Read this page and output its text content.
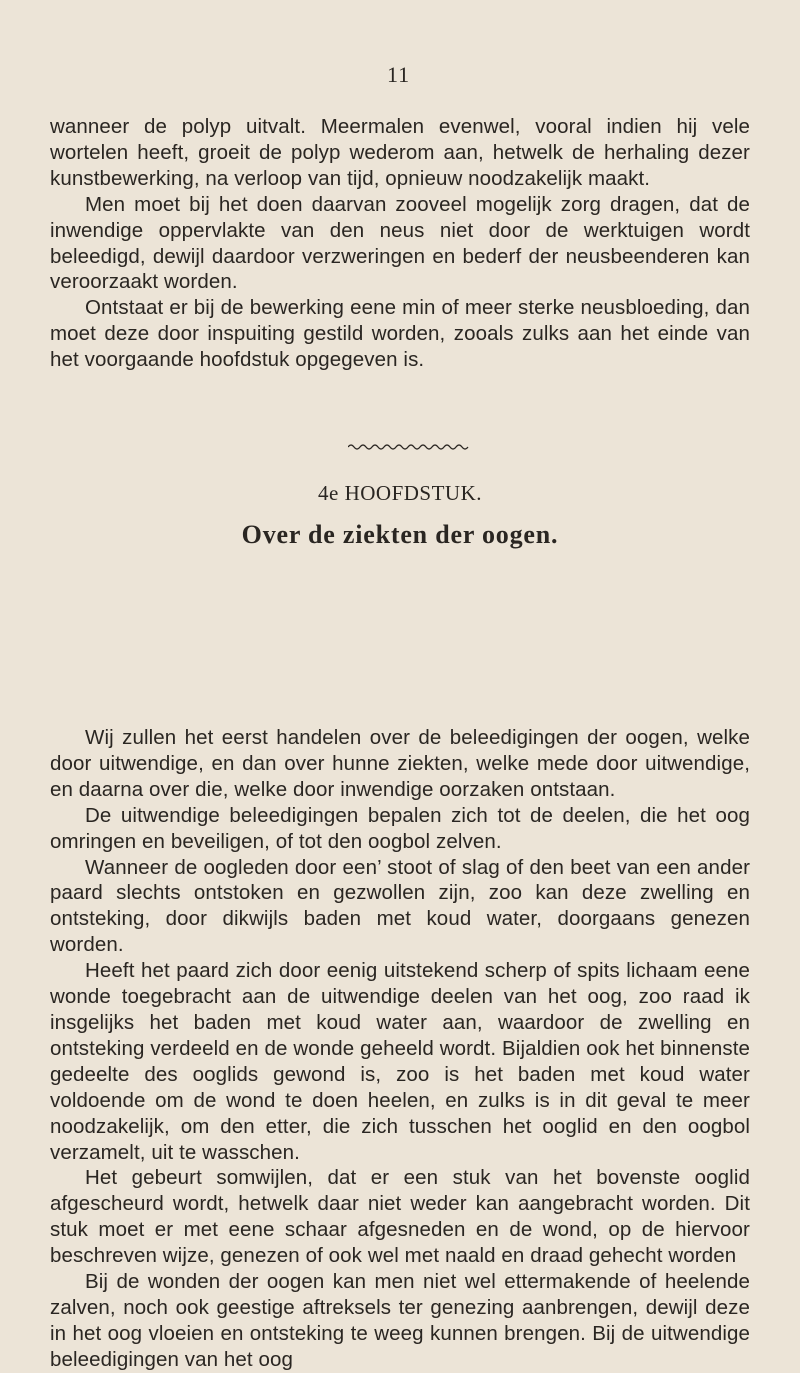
11

wanneer de polyp uitvalt. Meermalen evenwel, vooral indien hij vele wortelen heeft, groeit de polyp wederom aan, hetwelk de herhaling dezer kunstbewerking, na verloop van tijd, opnieuw noodzakelijk maakt.

Men moet bij het doen daarvan zooveel mogelijk zorg dragen, dat de inwendige oppervlakte van den neus niet door de werktuigen wordt beleedigd, dewijl daardoor verzweringen en bederf der neusbeenderen kan veroorzaakt worden.

Ontstaat er bij de bewerking eene min of meer sterke neusbloeding, dan moet deze door inspuiting gestild worden, zooals zulks aan het einde van het voorgaande hoofdstuk opgegeven is.

4e HOOFDSTUK.
Over de ziekten der oogen.

Wij zullen het eerst handelen over de beleedigingen der oogen, welke door uitwendige, en dan over hunne ziekten, welke mede door uitwendige, en daarna over die, welke door inwendige oorzaken ontstaan.

De uitwendige beleedigingen bepalen zich tot de deelen, die het oog omringen en beveiligen, of tot den oogbol zelven.

Wanneer de oogleden door een’ stoot of slag of den beet van een ander paard slechts ontstoken en gezwollen zijn, zoo kan deze zwelling en ontsteking, door dikwijls baden met koud water, doorgaans genezen worden.

Heeft het paard zich door eenig uitstekend scherp of spits lichaam eene wonde toegebracht aan de uitwendige deelen van het oog, zoo raad ik insgelijks het baden met koud water aan, waardoor de zwelling en ontsteking verdeeld en de wonde geheeld wordt. Bijaldien ook het binnenste gedeelte des ooglids gewond is, zoo is het baden met koud water voldoende om de wond te doen heelen, en zulks is in dit geval te meer noodzakelijk, om den etter, die zich tusschen het ooglid en den oogbol verzamelt, uit te wasschen.

Het gebeurt somwijlen, dat er een stuk van het bovenste ooglid afgescheurd wordt, hetwelk daar niet weder kan aangebracht worden. Dit stuk moet er met eene schaar afgesneden en de wond, op de hiervoor beschreven wijze, genezen of ook wel met naald en draad gehecht worden

Bij de wonden der oogen kan men niet wel ettermakende of heelende zalven, noch ook geestige aftreksels ter genezing aanbrengen, dewijl deze in het oog vloeien en ontsteking te weeg kunnen brengen. Bij de uitwendige beleedigingen van het oog
